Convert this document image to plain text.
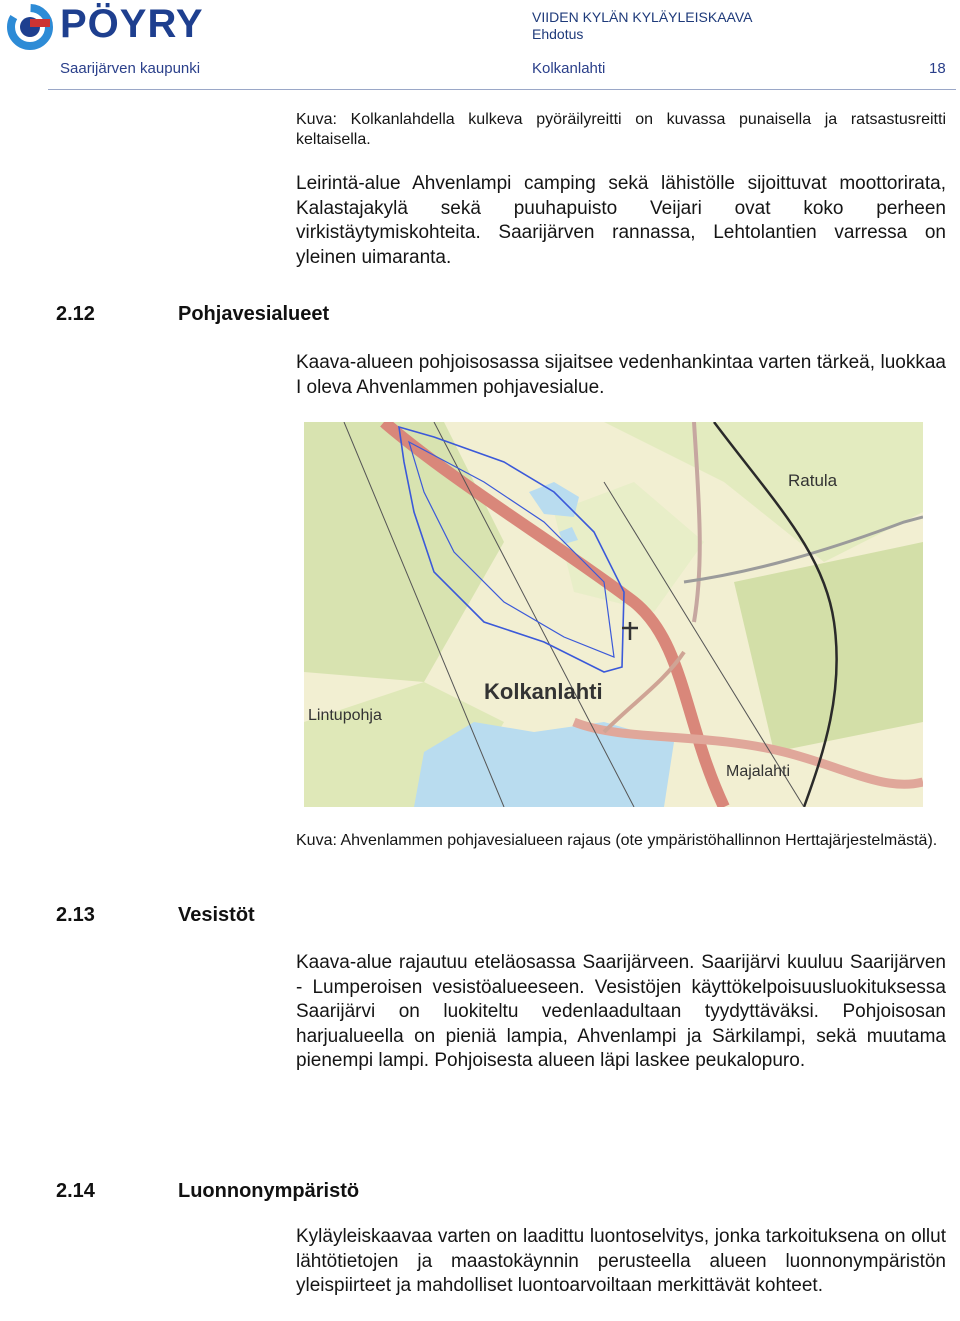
PÖYRY	VIIDEN KYLÄN KYLÄYLEISKAAVA
Ehdotus
Saarijärven kaupunki	Kolkanlahti	18
Kuva: Kolkanlahdella kulkeva pyöräilyreitti on kuvassa punaisella ja ratsastusreitti keltaisella.
Leirintä-alue Ahvenlampi camping sekä lähistölle sijoittuvat moottorirata, Kalastajakylä sekä puuhapuisto Veijari ovat koko perheen virkistäytymiskohteita. Saarijärven rannassa, Lehtolantien varressa on yleinen uimaranta.
2.12	Pohjavesialueet
Kaava-alueen pohjoisosassa sijaitsee vedenhankintaa varten tärkeä, luokkaa I oleva Ahvenlammen pohjavesialue.
Ratula
Kolkanlahti
Lintupohja
Majalahti
Kuva: Ahvenlammen pohjavesialueen rajaus (ote ympäristöhallinnon Herttajärjestelmästä).
2.13	Vesistöt
Kaava-alue rajautuu eteläosassa Saarijärveen. Saarijärvi kuuluu Saarijärven - Lumperoisen vesistöalueeseen. Vesistöjen käyttökelpoisuusluokituksessa Saarijärvi on luokiteltu vedenlaadultaan tyydyttäväksi. Pohjoisosan harjualueella on pieniä lampia, Ahvenlampi ja Särkilampi, sekä muutama pienempi lampi. Pohjoisesta alueen läpi laskee peukalopuro.
2.14	Luonnonympäristö
Kyläyleiskaavaa varten on laadittu luontoselvitys, jonka tarkoituksena on ollut lähtötietojen ja maastokäynnin perusteella alueen luonnonympäristön yleispiirteet ja mahdolliset luontoarvoiltaan merkittävät kohteet.
